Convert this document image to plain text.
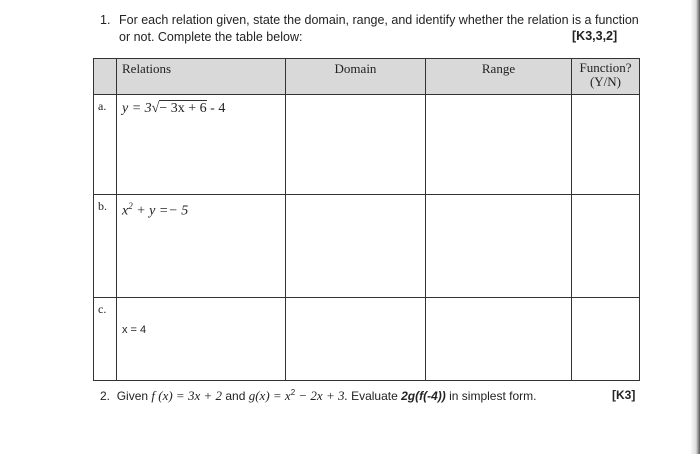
1. For each relation given, state the domain, range, and identify whether the relation is a function
or not. Complete the table below:	[K3,3,2]
	Relations	Domain	Range	Function?
(Y/N)
a.	y = 3√− 3x + 6 - 4			

b.	$x^2 + y =- 5$			

c.	x = 4			

2. Given f (x) = 3x + 2 and $g(x) = x^2 - 2x + 3$. Evaluate 2g(f(-4)) in simplest form.	[K3]
